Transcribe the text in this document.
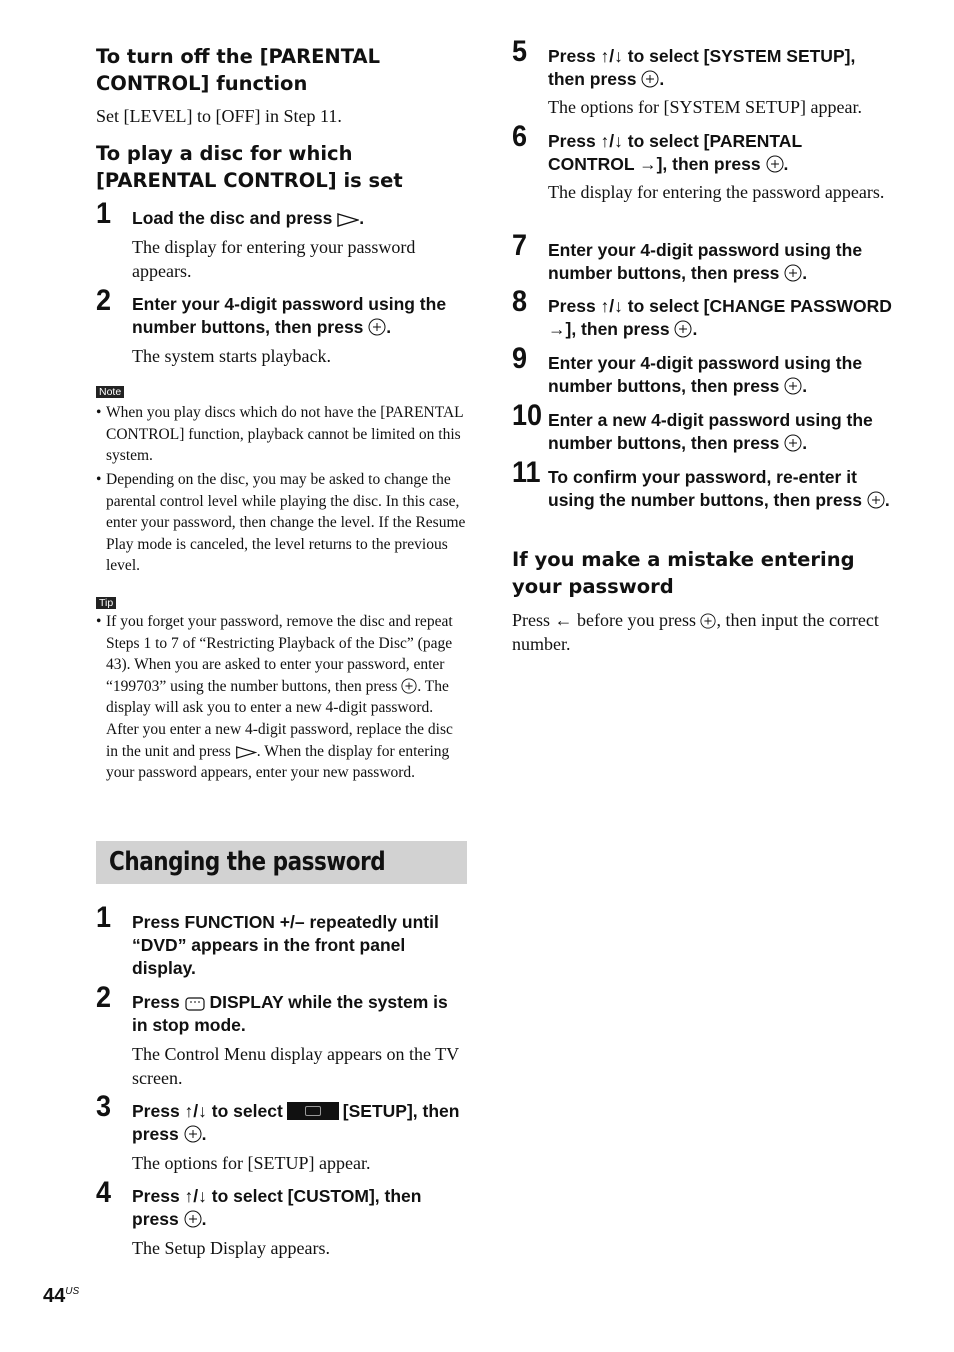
To turn off the [PARENTAL CONTROL] function

Set [LEVEL] to [OFF] in Step 11.

To play a disc for which [PARENTAL CONTROL] is set
1 Load the disc and press .
The display for entering your password appears.
2 Enter your 4-digit password using the number buttons, then press .
The system starts playback.
Note
• When you play discs which do not have the [PARENTAL CONTROL] function, playback cannot be limited on this system.
• Depending on the disc, you may be asked to change the parental control level while playing the disc. In this case, enter your password, then change the level. If the Resume Play mode is canceled, the level returns to the previous level.
Tip
• If you forget your password, remove the disc and repeat Steps 1 to 7 of “Restricting Playback of the Disc” (page 43). When you are asked to enter your password, enter “199703” using the number buttons, then press . The display will ask you to enter a new 4-digit password. After you enter a new 4-digit password, replace the disc in the unit and press . When the display for entering your password appears, enter your new password.
Changing the password
1 Press FUNCTION +/– repeatedly until “DVD” appears in the front panel display.
2 Press DISPLAY while the system is in stop mode.
The Control Menu display appears on the TV screen.
3 Press ↑/↓ to select	[SETUP], then press .
The options for [SETUP] appear.
4 Press ↑/↓ to select [CUSTOM], then press .
The Setup Display appears.
5 Press ↑/↓ to select [SYSTEM SETUP], then press .
The options for [SYSTEM SETUP] appear.
6 Press ↑/↓ to select [PARENTAL CONTROL →], then press .
The display for entering the password appears.
7 Enter your 4-digit password using the number buttons, then press .
8 Press ↑/↓ to select [CHANGE PASSWORD →], then press .
9 Enter your 4-digit password using the number buttons, then press .
10 Enter a new 4-digit password using the number buttons, then press .
11 To confirm your password, re-enter it using the number buttons, then press .
If you make a mistake entering your password

Press ← before you press , then input the correct number.

$44^{US}$
